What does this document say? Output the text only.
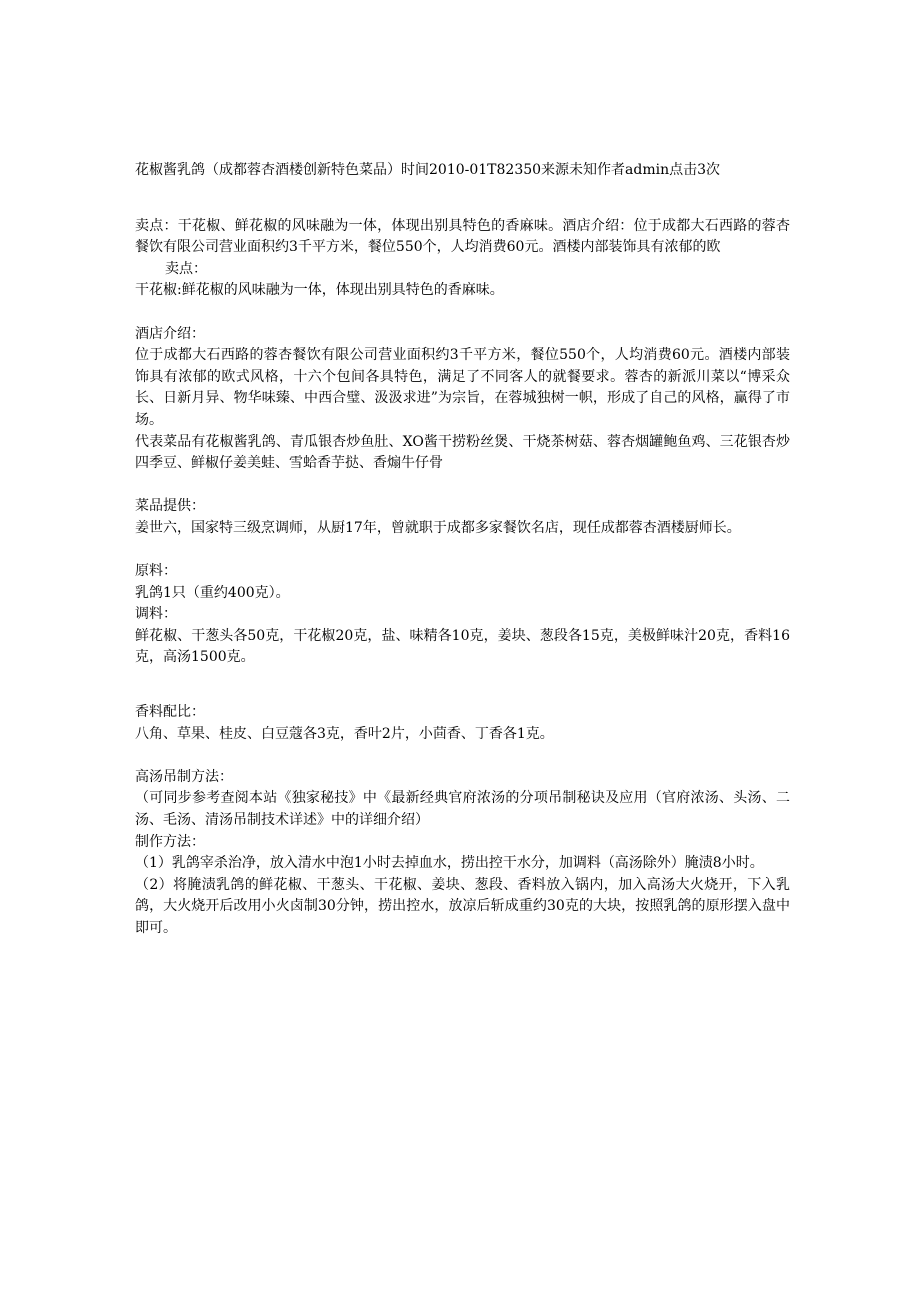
花椒酱乳鸽（成都蓉杏酒楼创新特色菜品）时间2010-01T82350来源未知作者admin点击3次

卖点：干花椒、鲜花椒的风味融为一体，体现出别具特色的香麻味。酒店介绍：位于成都大石西路的蓉杏餐饮有限公司营业面积约3千平方米，餐位550个，人均消费60元。酒楼内部装饰具有浓郁的欧

卖点：

干花椒:鲜花椒的风味融为一体，体现出别具特色的香麻味。

酒店介绍：

位于成都大石西路的蓉杏餐饮有限公司营业面积约3千平方米，餐位550个，人均消费60元。酒楼内部装饰具有浓郁的欧式风格，十六个包间各具特色，满足了不同客人的就餐要求。蓉杏的新派川菜以“博采众长、日新月异、物华味臻、中西合璧、汲汲求进”为宗旨，在蓉城独树一帜，形成了自己的风格，赢得了市场。

代表菜品有花椒酱乳鸽、青瓜银杏炒鱼肚、XO酱干捞粉丝煲、干烧茶树菇、蓉杏烟罐鲍鱼鸡、三花银杏炒四季豆、鲜椒仔姜美蛙、雪蛤香芋挞、香煽牛仔骨

菜品提供：

姜世六，国家特三级烹调师，从厨17年，曾就职于成都多家餐饮名店，现任成都蓉杏酒楼厨师长。

原料：

乳鸽1只（重约400克）。

调料：

鲜花椒、干葱头各50克，干花椒20克，盐、味精各10克，姜块、葱段各15克，美极鲜味汁20克，香料16克，高汤1500克。

香料配比：

八角、草果、桂皮、白豆蔻各3克，香叶2片，小茴香、丁香各1克。

高汤吊制方法：

（可同步参考查阅本站《独家秘技》中《最新经典官府浓汤的分项吊制秘诀及应用（官府浓汤、头汤、二汤、毛汤、清汤吊制技术详述》中的详细介绍）

制作方法：

（1）乳鸽宰杀治净，放入清水中泡1小时去掉血水，捞出控干水分，加调料（高汤除外）腌渍8小时。

（2）将腌渍乳鸽的鲜花椒、干葱头、干花椒、姜块、葱段、香料放入锅内，加入高汤大火烧开，下入乳鸽，大火烧开后改用小火卤制30分钟，捞出控水，放凉后斩成重约30克的大块，按照乳鸽的原形摆入盘中即可。
